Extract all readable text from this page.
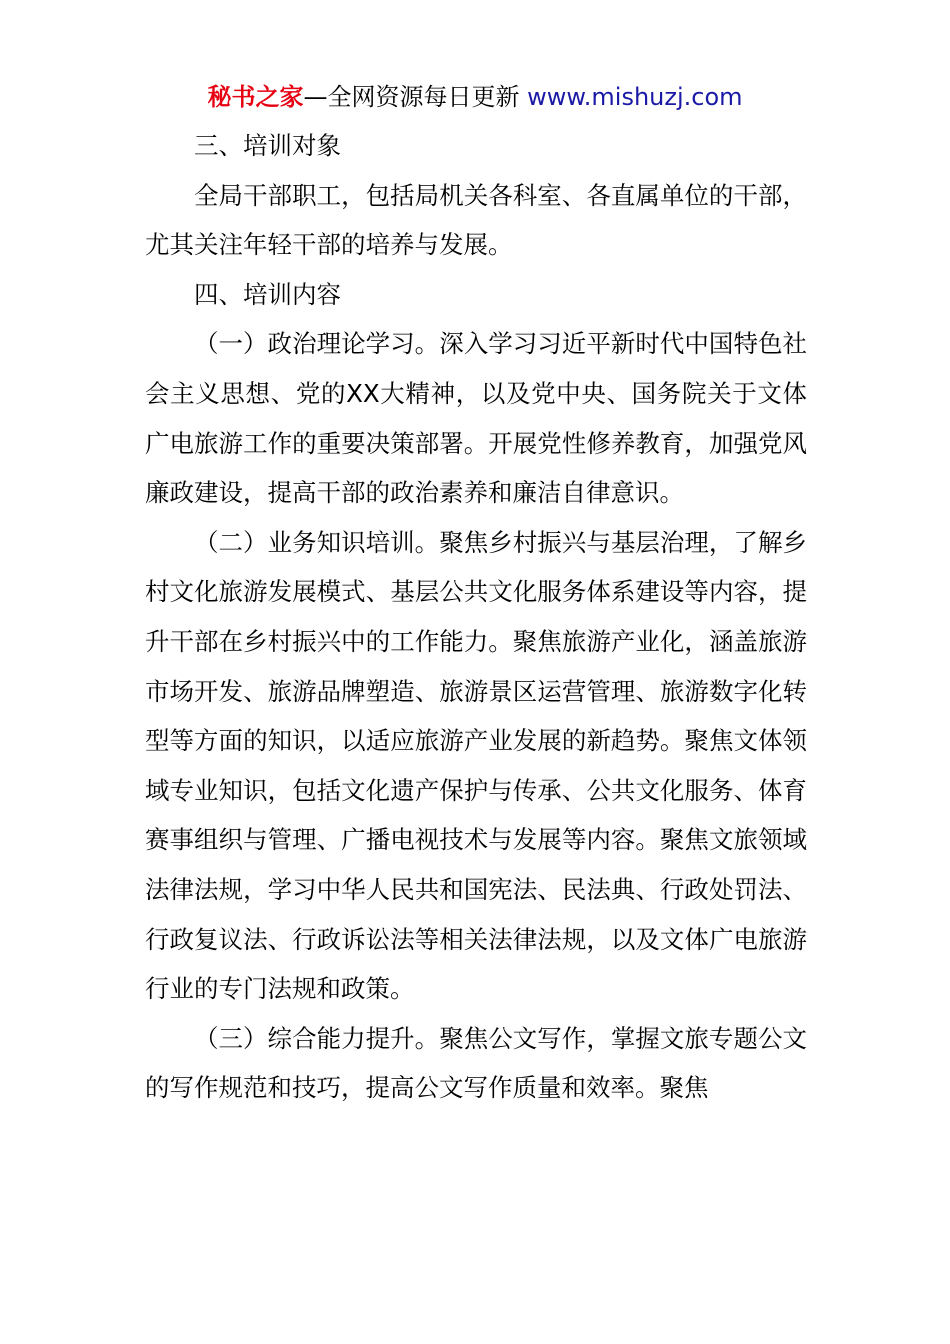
秘书之家—全网资源每日更新 www.mishuzj.com

三、培训对象

全局干部职工，包括局机关各科室、各直属单位的干部，尤其关注年轻干部的培养与发展。

四、培训内容

（一）政治理论学习。深入学习习近平新时代中国特色社会主义思想、党的XX大精神，以及党中央、国务院关于文体广电旅游工作的重要决策部署。开展党性修养教育，加强党风廉政建设，提高干部的政治素养和廉洁自律意识。

（二）业务知识培训。聚焦乡村振兴与基层治理，了解乡村文化旅游发展模式、基层公共文化服务体系建设等内容，提升干部在乡村振兴中的工作能力。聚焦旅游产业化，涵盖旅游市场开发、旅游品牌塑造、旅游景区运营管理、旅游数字化转型等方面的知识，以适应旅游产业发展的新趋势。聚焦文体领域专业知识，包括文化遗产保护与传承、公共文化服务、体育赛事组织与管理、广播电视技术与发展等内容。聚焦文旅领域法律法规，学习中华人民共和国宪法、民法典、行政处罚法、行政复议法、行政诉讼法等相关法律法规，以及文体广电旅游行业的专门法规和政策。

（三）综合能力提升。聚焦公文写作，掌握文旅专题公文的写作规范和技巧，提高公文写作质量和效率。聚焦
